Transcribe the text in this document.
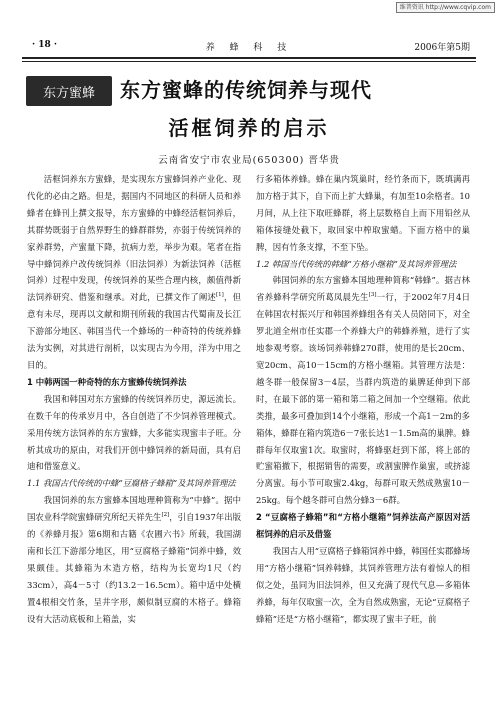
维普资讯 http://www.cqvip.com
· 18 ·	养 蜂 科 技	2006年第5期
东方蜜蜂	东方蜜蜂的传统饲养与现代
活框饲养的启示
云南省安宁市农业局(650300) 晋华贵

活框饲养东方蜜蜂，是实现东方蜜蜂饲养产业化、现代化的必由之路。但是，据国内不同地区的科研人员和养蜂者在蜂刊上撰文报导，东方蜜蜂的中蜂经活框饲养后，其群势既弱于自然界野生的蜂群群势，亦弱于传统饲养的家养群势，产蜜量下降，抗病力差，举步为艰。笔者在指导中蜂饲养户改传统饲养（旧法饲养）为新法饲养（活框饲养）过程中发现，传统饲养的某些合理内核，颇值得新法饲养研究、借鉴和继承。对此，已撰文作了阐述[1]，但意有未尽，现再以文献和期刊所载的我国古代蜀南及长江下游部分地区、韩国当代一个蜂场的一种奇特的传统养蜂法为实例，对其进行剖析，以实现古为今用，洋为中用之目的。

1 中韩两国一种奇特的东方蜜蜂传统饲养法

我国和韩国对东方蜜蜂的传统饲养历史，源远流长。在数千年的传承岁月中，各自创造了不少饲养管理模式。采用传统方法饲养的东方蜜蜂，大多能实现蜜丰子旺。分析其成功的原由，对我们开创中蜂饲养的新局面，具有启迪和借鉴意义。

1.1 我国古代传统的中蜂“豆腐格子蜂箱”及其饲养管理法

我国饲养的东方蜜蜂本国地理种简称为“中蜂”。据中国农业科学院蜜蜂研究所纪天祥先生[2]，引自1937年出版的《养蜂月报》第6期和古籍《农圃六书》所载，我国湖南和长江下游部分地区，用“豆腐格子蜂箱”饲养中蜂，效果颇佳。其蜂箱为木造方格，结构为长宽均1尺（约33cm），高4－5寸（约13.2－16.5cm）。箱中适中处横置4根相交竹条，呈井字形，颇似制豆腐的木格子。蜂箱设有大活动底板和上箱盖，实

行多箱体养蜂。蜂在巢内筑巢时，经竹条而下，既填满再加方格于其下，自下而上扩大蜂巢，有加至10余格者。10月间，从上往下取旺蜂群，将上层数格自上而下用铅丝从箱体接缝处截下，取回家中榨取蜜蜡。下面方格中的巢脾，因有竹条支撑，不至下坠。

1.2 韩国当代传统的韩蜂“方格小继箱”及其饲养管理法

韩国饲养的东方蜜蜂本国地理种简称“韩蜂”。据吉林省养蜂科学研究所葛凤晨先生[3]一行，于2002年7月4日在韩国农村振兴厅和韩国养蜂组各有关人员陪同下，对全罗北道全州市任实郡一个养蜂大户的韩蜂养殖，进行了实地参观考察。该场饲养韩蜂270群，使用的是长20cm、宽20cm、高10－15cm的方格小继箱。其管理方法是：越冬群一般保留3－4层，当群内筑造的巢脾延伸到下部时，在最下部的第一箱和第二箱之间加一个空继箱。依此类推，最多可叠加到14个小继箱，形成一个高1－2m的多箱体，蜂群在箱内筑造6－7张长达1－1.5m高的巢脾。蜂群每年仅取蜜1次。取蜜时，将蜂驱赶到下部，将上部的贮蜜箱撤下，根据销售的需要，或割蜜脾作巢蜜，或挤滤分离蜜。每小节可取蜜2.4kg，每群可取天然成熟蜜10－25kg。每个越冬群可自然分蜂3－6群。

2 “豆腐格子蜂箱”和“方格小继箱”饲养法高产原因对活框饲养的启示及借鉴

我国古人用“豆腐格子蜂箱饲养中蜂，韩国任实郡蜂场用“方格小继箱”饲养韩蜂，其饲养管理方法有着惊人的相似之处，虽同为旧法饲养，但又充满了现代气息—多箱体养蜂，每年仅取蜜一次，全为自然成熟蜜，无论“豆腐格子蜂箱”还是“方格小继箱”，都实现了蜜丰子旺，前
